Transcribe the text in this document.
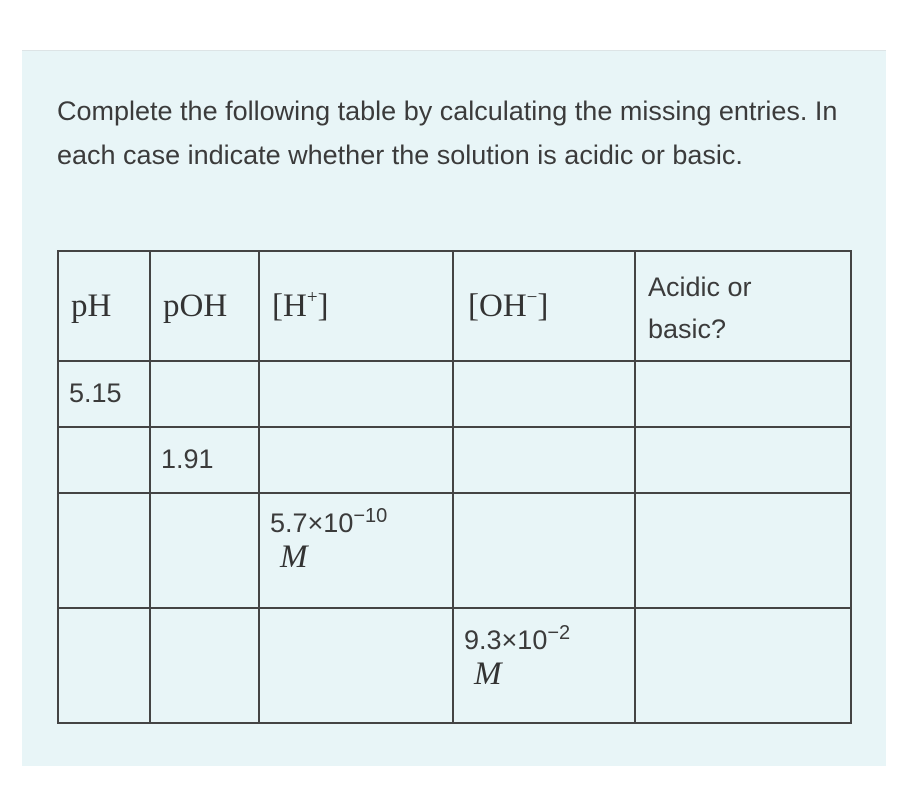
Complete the following table by calculating the missing entries. In each case indicate whether the solution is acidic or basic.

pH	pOH	[H+]	[OH−]	Acidic or
basic?
5.15				
	1.91			

		$5.7\times 10^{-10}$
M		

			$9.3\times 10^{-2}$
M	
